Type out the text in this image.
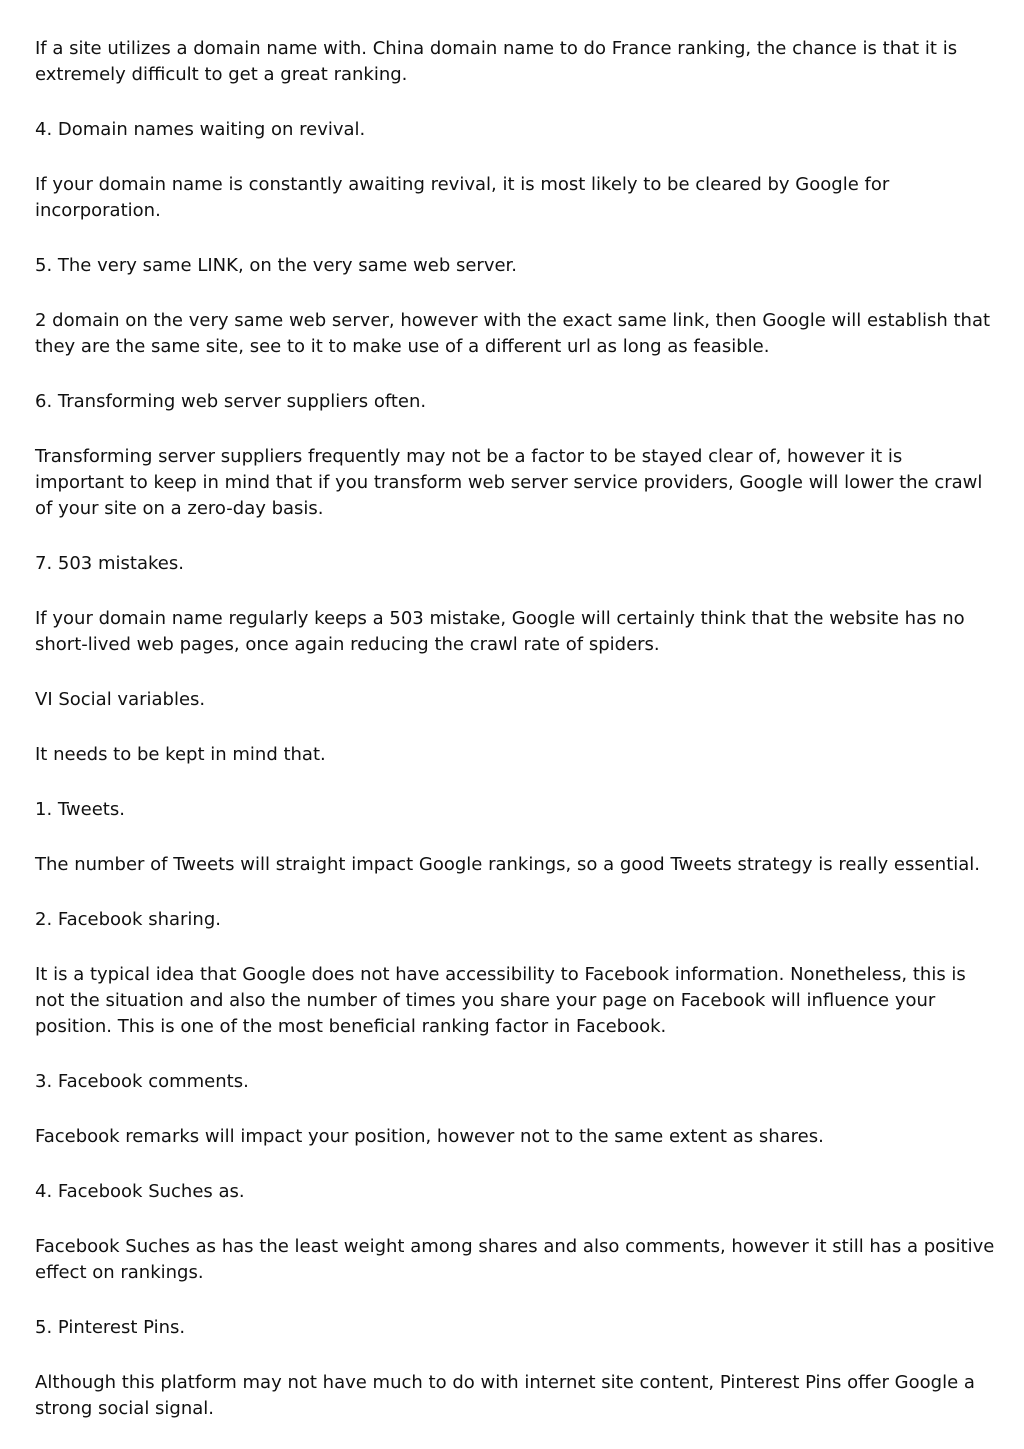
If a site utilizes a domain name with. China domain name to do France ranking, the chance is that it is extremely difficult to get a great ranking.

4. Domain names waiting on revival.

If your domain name is constantly awaiting revival, it is most likely to be cleared by Google for incorporation.

5. The very same LINK, on the very same web server.

2 domain on the very same web server, however with the exact same link, then Google will establish that they are the same site, see to it to make use of a different url as long as feasible.

6. Transforming web server suppliers often.

Transforming server suppliers frequently may not be a factor to be stayed clear of, however it is important to keep in mind that if you transform web server service providers, Google will lower the crawl of your site on a zero-day basis.

7. 503 mistakes.

If your domain name regularly keeps a 503 mistake, Google will certainly think that the website has no short-lived web pages, once again reducing the crawl rate of spiders.

VI Social variables.

It needs to be kept in mind that.

1. Tweets.

The number of Tweets will straight impact Google rankings, so a good Tweets strategy is really essential.

2. Facebook sharing.

It is a typical idea that Google does not have accessibility to Facebook information. Nonetheless, this is not the situation and also the number of times you share your page on Facebook will influence your position. This is one of the most beneficial ranking factor in Facebook.

3. Facebook comments.

Facebook remarks will impact your position, however not to the same extent as shares.

4. Facebook Suches as.

Facebook Suches as has the least weight among shares and also comments, however it still has a positive effect on rankings.

5. Pinterest Pins.

Although this platform may not have much to do with internet site content, Pinterest Pins offer Google a strong social signal.
